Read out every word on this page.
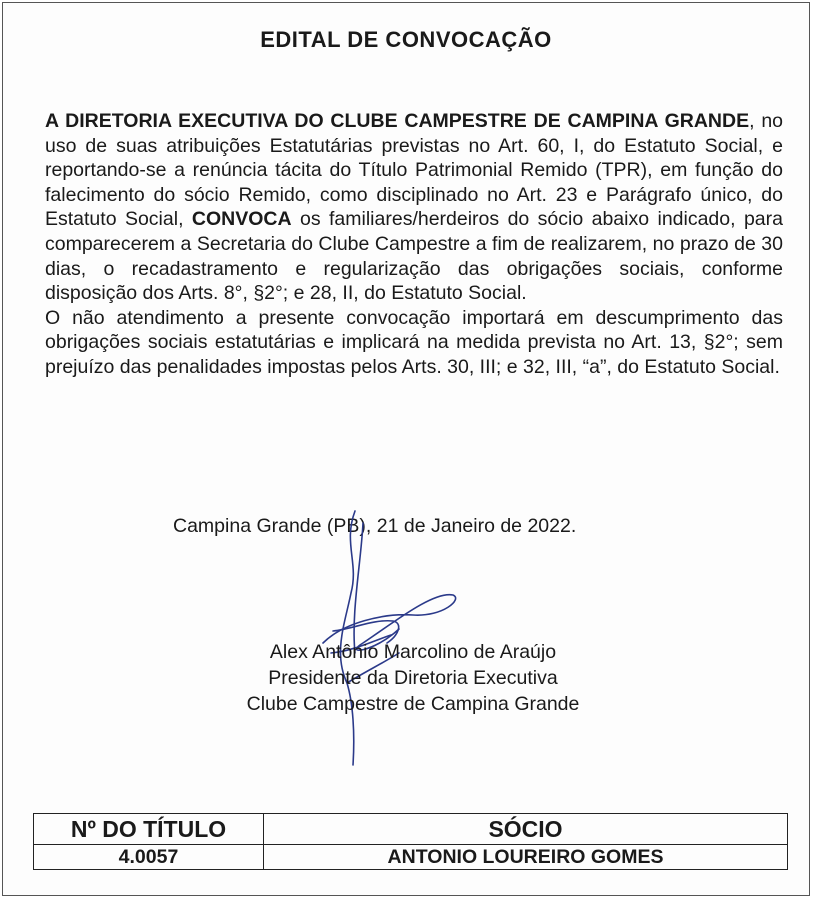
EDITAL DE CONVOCAÇÃO

A DIRETORIA EXECUTIVA DO CLUBE CAMPESTRE DE CAMPINA GRANDE, no uso de suas atribuições Estatutárias previstas no Art. 60, I, do Estatuto Social, e reportando-se a renúncia tácita do Título Patrimonial Remido (TPR), em função do falecimento do sócio Remido, como disciplinado no Art. 23 e Parágrafo único, do Estatuto Social, CONVOCA os familiares/herdeiros do sócio abaixo indicado, para comparecerem a Secretaria do Clube Campestre a fim de realizarem, no prazo de 30 dias, o recadastramento e regularização das obrigações sociais, conforme disposição dos Arts. 8°, §2°; e 28, II, do Estatuto Social.

O não atendimento a presente convocação importará em descumprimento das obrigações sociais estatutárias e implicará na medida prevista no Art. 13, §2°; sem prejuízo das penalidades impostas pelos Arts. 30, III; e 32, III, “a”, do Estatuto Social.

Campina Grande (PB), 21 de Janeiro de 2022.
Alex Antônio Marcolino de Araújo
Presidente da Diretoria Executiva
Clube Campestre de Campina Grande
Nº DO TÍTULO	SÓCIO
4.0057	ANTONIO LOUREIRO GOMES
